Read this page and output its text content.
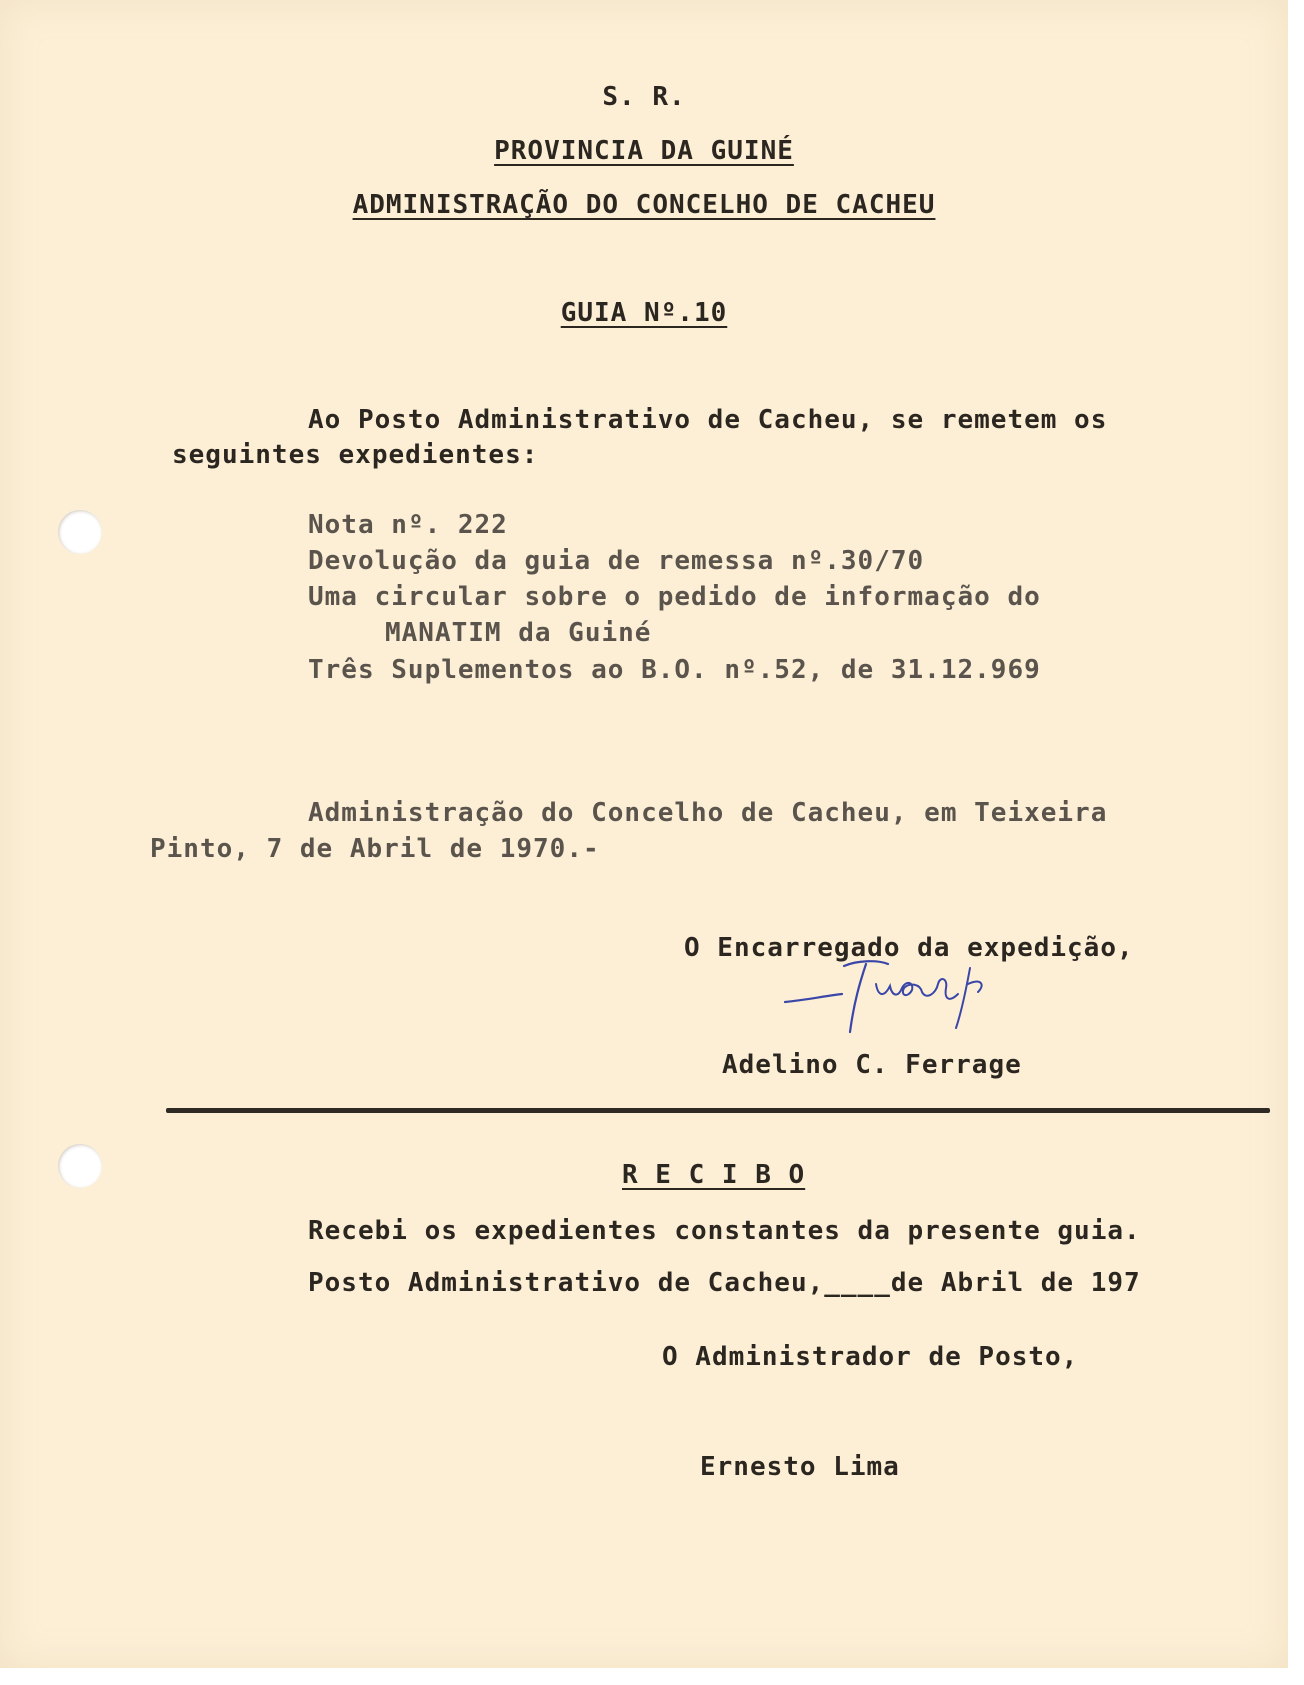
S. R.
PROVINCIA DA GUINÉ
ADMINISTRAÇÃO DO CONCELHO DE CACHEU
GUIA Nº.10
Ao Posto Administrativo de Cacheu, se remetem os
seguintes expedientes:
Nota nº. 222
Devolução da guia de remessa nº.30/70
Uma circular sobre o pedido de informação do
MANATIM da Guiné
Três Suplementos ao B.O. nº.52, de 31.12.969
Administração do Concelho de Cacheu, em Teixeira
Pinto, 7 de Abril de 1970.-
O Encarregado da expedição,
Adelino C. Ferrage
R E C I B O
Recebi os expedientes constantes da presente guia.
Posto Administrativo de Cacheu,____de Abril de 197
O Administrador de Posto,
Ernesto Lima
